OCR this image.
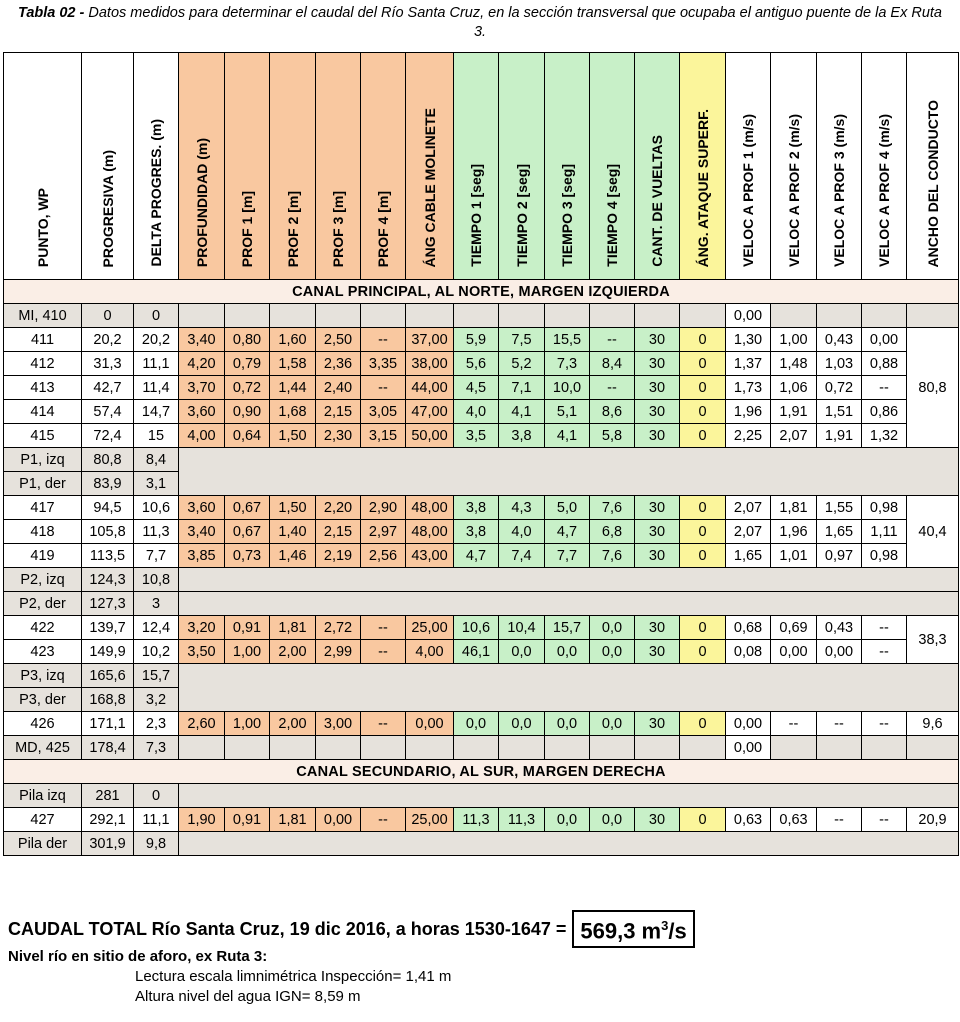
Tabla 02 - Datos medidos para determinar el caudal del Río Santa Cruz, en la sección transversal que ocupaba el antiguo puente de la Ex Ruta 3.
PUNTO, WP	PROGRESIVA (m)	DELTA PROGRES. (m)	PROFUNDIDAD (m)	PROF 1 [m]	PROF 2 [m]	PROF 3 [m]	PROF 4 [m]	ÁNG CABLE MOLINETE	TIEMPO 1 [seg]	TIEMPO 2 [seg]	TIEMPO 3 [seg]	TIEMPO 4 [seg]	CANT. DE VUELTAS	ÁNG. ATAQUE SUPERF.	VELOC A PROF 1 (m/s)	VELOC A PROF 2 (m/s)	VELOC A PROF 3 (m/s)	VELOC A PROF 4 (m/s)	ANCHO DEL CONDUCTO
CANAL PRINCIPAL, AL NORTE, MARGEN IZQUIERDA																			
MI, 410	0	0													0,00				
411	20,2	20,2	3,40	0,80	1,60	2,50	--	37,00	5,9	7,5	15,5	--	30	0	1,30	1,00	0,43	0,00	80,8
412	31,3	11,1	4,20	0,79	1,58	2,36	3,35	38,00	5,6	5,2	7,3	8,4	30	0	1,37	1,48	1,03	0,88	
413	42,7	11,4	3,70	0,72	1,44	2,40	--	44,00	4,5	7,1	10,0	--	30	0	1,73	1,06	0,72	--	
414	57,4	14,7	3,60	0,90	1,68	2,15	3,05	47,00	4,0	4,1	5,1	8,6	30	0	1,96	1,91	1,51	0,86	
415	72,4	15	4,00	0,64	1,50	2,30	3,15	50,00	3,5	3,8	4,1	5,8	30	0	2,25	2,07	1,91	1,32	
P1, izq	80,8	8,4																	
P1, der	83,9	3,1																	
417	94,5	10,6	3,60	0,67	1,50	2,20	2,90	48,00	3,8	4,3	5,0	7,6	30	0	2,07	1,81	1,55	0,98	40,4
418	105,8	11,3	3,40	0,67	1,40	2,15	2,97	48,00	3,8	4,0	4,7	6,8	30	0	2,07	1,96	1,65	1,11	
419	113,5	7,7	3,85	0,73	1,46	2,19	2,56	43,00	4,7	7,4	7,7	7,6	30	0	1,65	1,01	0,97	0,98	
P2, izq	124,3	10,8																	
P2, der	127,3	3																	
422	139,7	12,4	3,20	0,91	1,81	2,72	--	25,00	10,6	10,4	15,7	0,0	30	0	0,68	0,69	0,43	--	38,3
423	149,9	10,2	3,50	1,00	2,00	2,99	--	4,00	46,1	0,0	0,0	0,0	30	0	0,08	0,00	0,00	--	
P3, izq	165,6	15,7																	
P3, der	168,8	3,2																	
426	171,1	2,3	2,60	1,00	2,00	3,00	--	0,00	0,0	0,0	0,0	0,0	30	0	0,00	--	--	--	9,6
MD, 425	178,4	7,3													0,00				
CANAL SECUNDARIO, AL SUR, MARGEN DERECHA																			
Pila izq	281	0																	
427	292,1	11,1	1,90	0,91	1,81	0,00	--	25,00	11,3	11,3	0,0	0,0	30	0	0,63	0,63	--	--	20,9
Pila der	301,9	9,8																	
CAUDAL TOTAL Río Santa Cruz, 19 dic 2016, a horas 1530-1647 = 569,3 $m^3/s$
Nivel río en sitio de aforo, ex Ruta 3:
Lectura escala limnimétrica Inspección= 1,41 m
Altura nivel del agua IGN= 8,59 m
